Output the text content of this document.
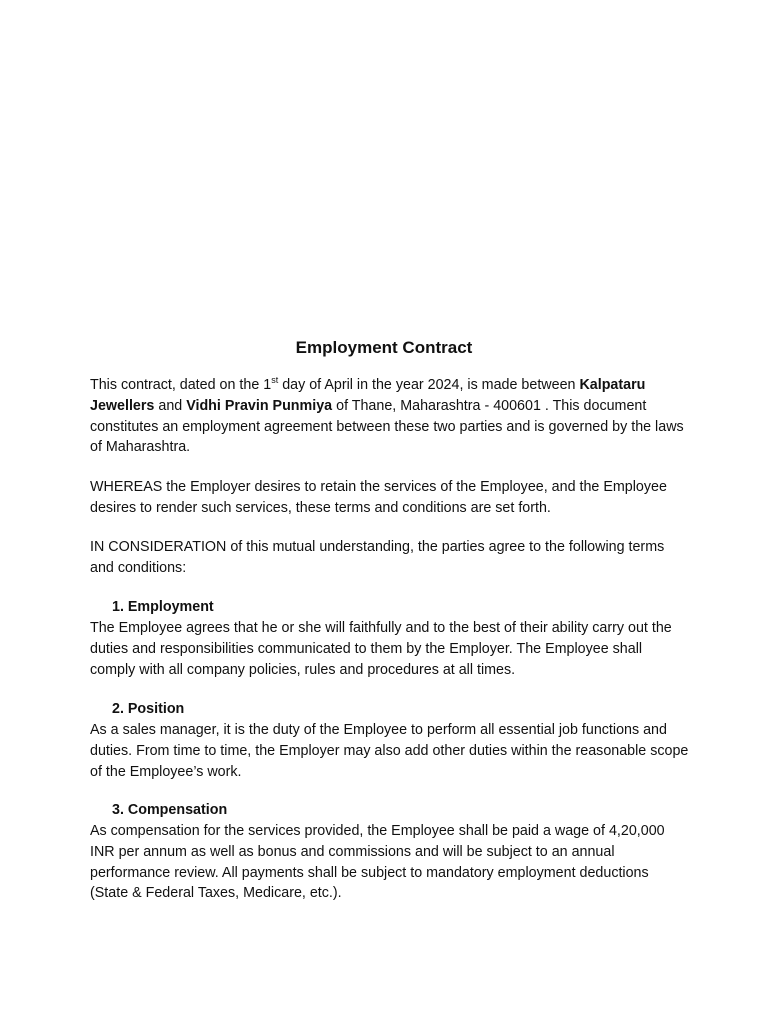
Employment Contract

This contract, dated on the 1st day of April in the year 2024, is made between Kalpataru Jewellers and Vidhi Pravin Punmiya of Thane, Maharashtra - 400601 . This document constitutes an employment agreement between these two parties and is governed by the laws of Maharashtra.

WHEREAS the Employer desires to retain the services of the Employee, and the Employee desires to render such services, these terms and conditions are set forth.

IN CONSIDERATION of this mutual understanding, the parties agree to the following terms and conditions:

1. Employment

The Employee agrees that he or she will faithfully and to the best of their ability carry out the duties and responsibilities communicated to them by the Employer. The Employee shall comply with all company policies, rules and procedures at all times.

2. Position

As a sales manager, it is the duty of the Employee to perform all essential job functions and duties. From time to time, the Employer may also add other duties within the reasonable scope of the Employee’s work.

3. Compensation

As compensation for the services provided, the Employee shall be paid a wage of 4,20,000 INR per annum as well as bonus and commissions and will be subject to an annual performance review. All payments shall be subject to mandatory employment deductions (State & Federal Taxes, Medicare, etc.).
